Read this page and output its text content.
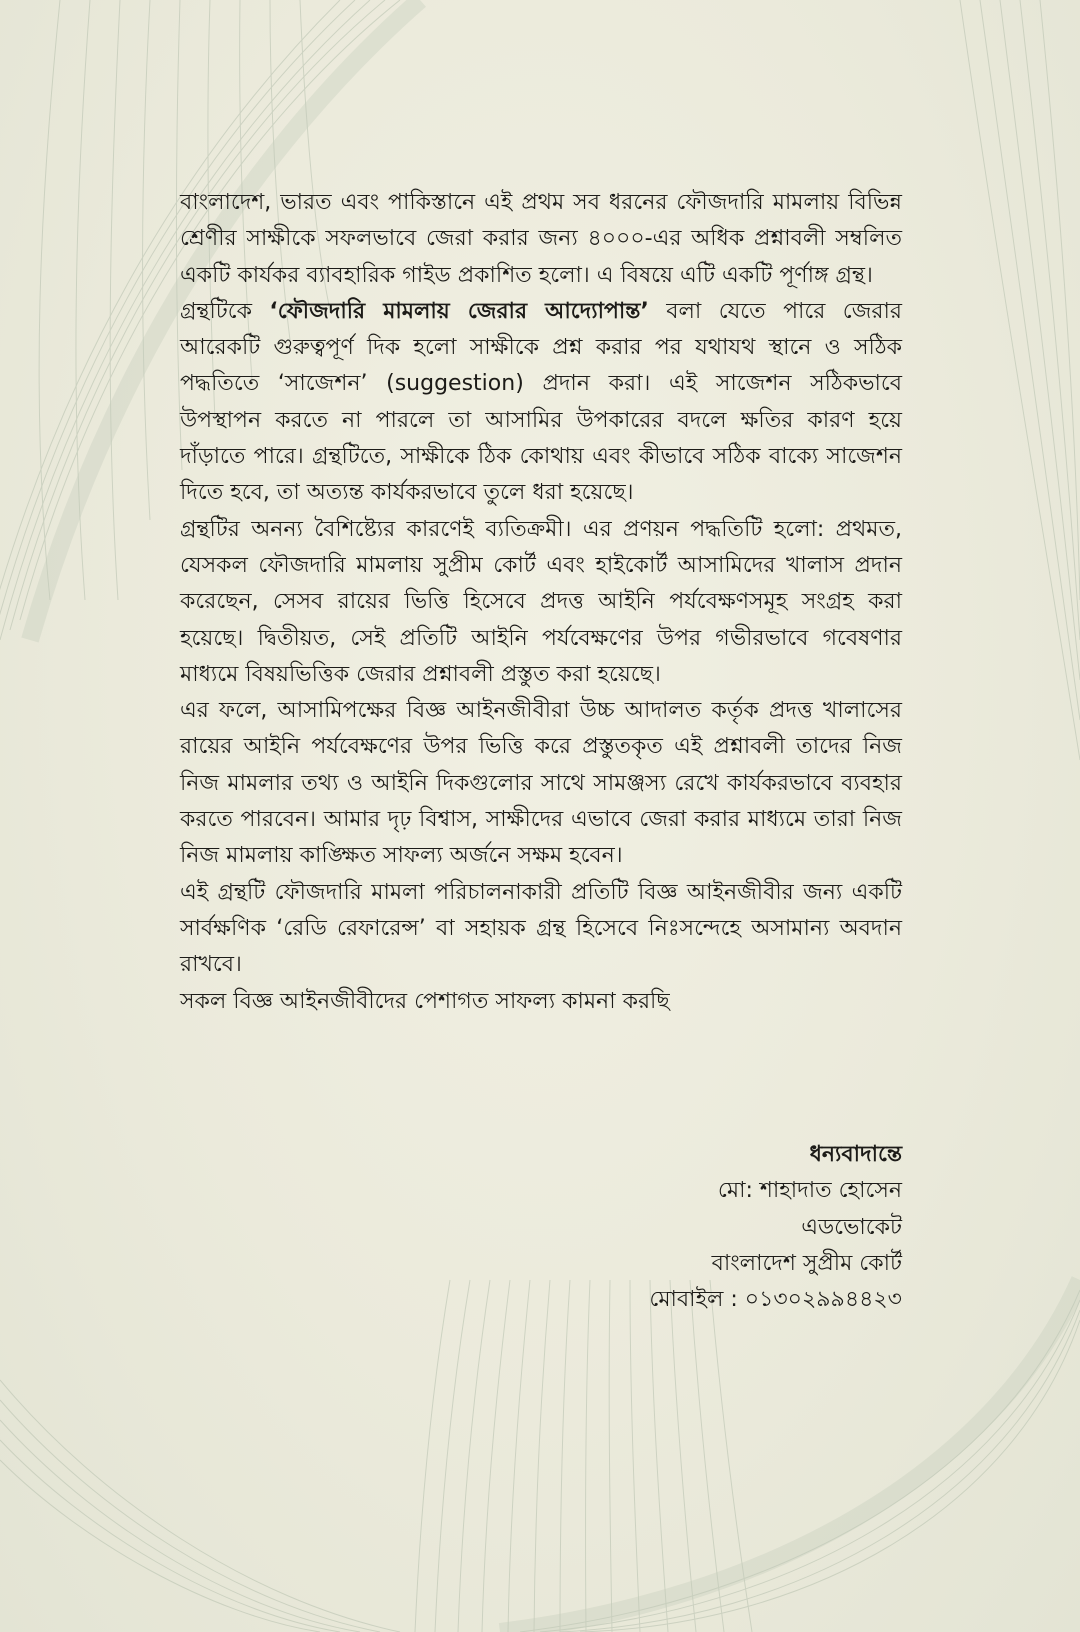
বাংলাদেশ, ভারত এবং পাকিস্তানে এই প্রথম সব ধরনের ফৌজদারি মামলায় বিভিন্ন শ্রেণীর সাক্ষীকে সফলভাবে জেরা করার জন্য ৪০০০-এর অধিক প্রশ্নাবলী সম্বলিত একটি কার্যকর ব্যাবহারিক গাইড প্রকাশিত হলো। এ বিষয়ে এটি একটি পূর্ণাঙ্গ গ্রন্থ।

গ্রন্থটিকে ‘ফৌজদারি মামলায় জেরার আদ্যোপান্ত’ বলা যেতে পারে জেরার আরেকটি গুরুত্বপূর্ণ দিক হলো সাক্ষীকে প্রশ্ন করার পর যথাযথ স্থানে ও সঠিক পদ্ধতিতে ‘সাজেশন’ (suggestion) প্রদান করা। এই সাজেশন সঠিকভাবে উপস্থাপন করতে না পারলে তা আসামির উপকারের বদলে ক্ষতির কারণ হয়ে দাঁড়াতে পারে। গ্রন্থটিতে, সাক্ষীকে ঠিক কোথায় এবং কীভাবে সঠিক বাক্যে সাজেশন দিতে হবে, তা অত্যন্ত কার্যকরভাবে তুলে ধরা হয়েছে।

গ্রন্থটির অনন্য বৈশিষ্ট্যের কারণেই ব্যতিক্রমী। এর প্রণয়ন পদ্ধতিটি হলো: প্রথমত, যেসকল ফৌজদারি মামলায় সুপ্রীম কোর্ট এবং হাইকোর্ট আসামিদের খালাস প্রদান করেছেন, সেসব রায়ের ভিত্তি হিসেবে প্রদত্ত আইনি পর্যবেক্ষণসমূহ সংগ্রহ করা হয়েছে। দ্বিতীয়ত, সেই প্রতিটি আইনি পর্যবেক্ষণের উপর গভীরভাবে গবেষণার মাধ্যমে বিষয়ভিত্তিক জেরার প্রশ্নাবলী প্রস্তুত করা হয়েছে।

এর ফলে, আসামিপক্ষের বিজ্ঞ আইনজীবীরা উচ্চ আদালত কর্তৃক প্রদত্ত খালাসের রায়ের আইনি পর্যবেক্ষণের উপর ভিত্তি করে প্রস্তুতকৃত এই প্রশ্নাবলী তাদের নিজ নিজ মামলার তথ্য ও আইনি দিকগুলোর সাথে সামঞ্জস্য রেখে কার্যকরভাবে ব্যবহার করতে পারবেন। আমার দৃঢ় বিশ্বাস, সাক্ষীদের এভাবে জেরা করার মাধ্যমে তারা নিজ নিজ মামলায় কাঙ্ক্ষিত সাফল্য অর্জনে সক্ষম হবেন।

এই গ্রন্থটি ফৌজদারি মামলা পরিচালনাকারী প্রতিটি বিজ্ঞ আইনজীবীর জন্য একটি সার্বক্ষণিক ‘রেডি রেফারেন্স’ বা সহায়ক গ্রন্থ হিসেবে নিঃসন্দেহে অসামান্য অবদান রাখবে।

সকল বিজ্ঞ আইনজীবীদের পেশাগত সাফল্য কামনা করছি

ধন্যবাদান্তে
মো: শাহাদাত হোসেন
এডভোকেট
বাংলাদেশ সুপ্রীম কোর্ট
মোবাইল : ০১৩০২৯৯৪৪২৩
